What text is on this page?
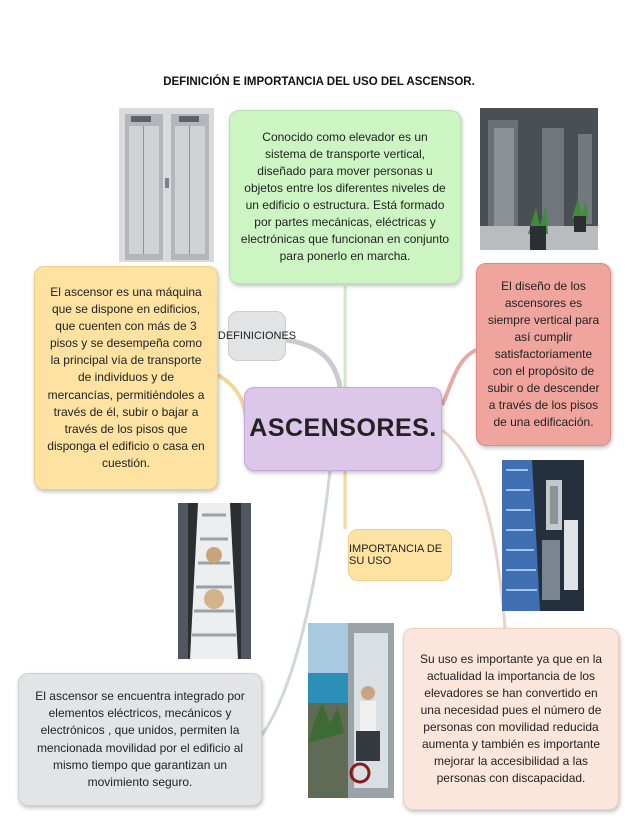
DEFINICIÓN E IMPORTANCIA DEL USO DEL ASCENSOR.
Conocido como elevador es un sistema de transporte vertical, diseñado para mover personas u objetos entre los diferentes niveles de un edificio o estructura. Está formado por partes mecánicas, eléctricas y electrónicas que funcionan en conjunto para ponerlo en marcha.
El ascensor es una máquina que se dispone en edificios, que cuenten con más de 3 pisos y se desempeña como la principal vía de transporte de individuos y de mercancías, permitiéndoles a través de él, subir o bajar a través de los pisos que disponga el edificio o casa en cuestión.
El diseño de los ascensores es siempre vertical para así cumplir satisfactoriamente con el propósito de subir o de descender a través de los pisos de una edificación.
ASCENSORES.
Su uso es importante ya que en la actualidad la importancia de los elevadores se han convertido en una necesidad pues el número de personas con movilidad reducida aumenta y también es importante mejorar la accesibilidad a las personas con discapacidad.
El ascensor se encuentra integrado por elementos eléctricos, mecánicos y electrónicos , que unidos, permiten la mencionada movilidad por el edificio al mismo tiempo que garantizan un movimiento seguro.
DEFINICIONES
IMPORTANCIA DE SU USO
